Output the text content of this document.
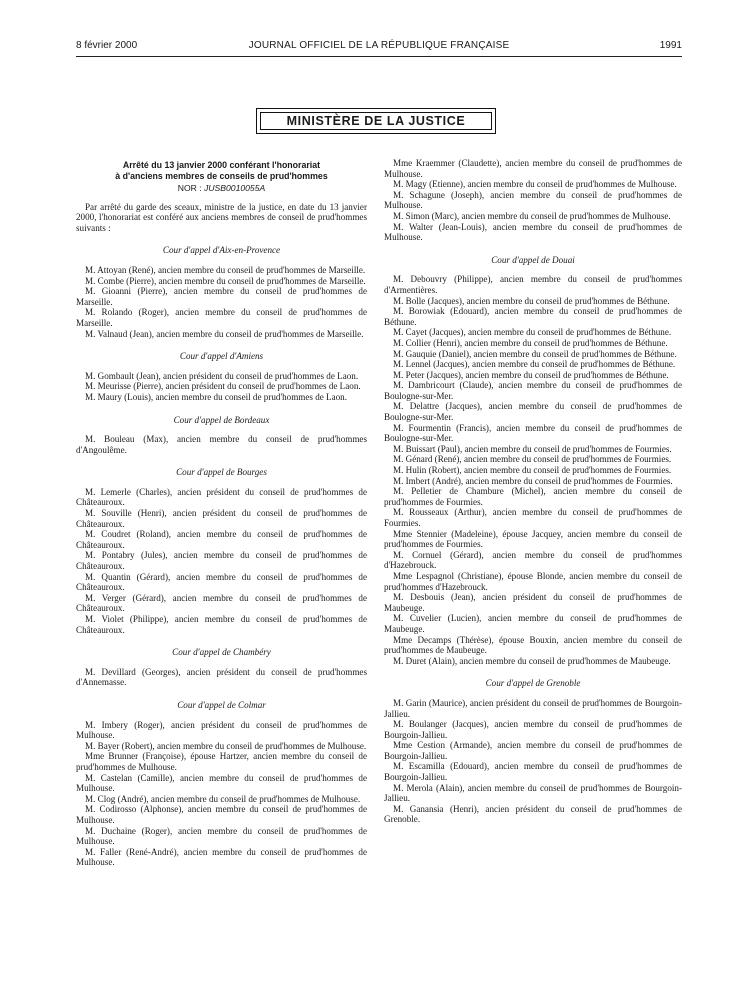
8 février 2000	JOURNAL OFFICIEL DE LA RÉPUBLIQUE FRANÇAISE	1991
MINISTÈRE DE LA JUSTICE
Arrêté du 13 janvier 2000 conférant l'honorariat
à d'anciens membres de conseils de prud'hommes
NOR : JUSB0010055A

Par arrêté du garde des sceaux, ministre de la justice, en date du 13 janvier 2000, l'honorariat est conféré aux anciens membres de conseil de prud'hommes suivants :

Cour d'appel d'Aix-en-Provence

M. Attoyan (René), ancien membre du conseil de prud'hommes de Marseille.

M. Combe (Pierre), ancien membre du conseil de prud'hommes de Marseille.

M. Gioanni (Pierre), ancien membre du conseil de prud'hommes de Marseille.

M. Rolando (Roger), ancien membre du conseil de prud'hommes de Marseille.

M. Valnaud (Jean), ancien membre du conseil de prud'hommes de Marseille.

Cour d'appel d'Amiens

M. Gombault (Jean), ancien président du conseil de prud'hommes de Laon.

M. Meurisse (Pierre), ancien président du conseil de prud'hommes de Laon.

M. Maury (Louis), ancien membre du conseil de prud'hommes de Laon.

Cour d'appel de Bordeaux

M. Bouleau (Max), ancien membre du conseil de prud'hommes d'Angoulême.

Cour d'appel de Bourges

M. Lemerle (Charles), ancien président du conseil de prud'hommes de Châteauroux.

M. Souville (Henri), ancien président du conseil de prud'hommes de Châteauroux.

M. Coudret (Roland), ancien membre du conseil de prud'hommes de Châteauroux.

M. Pontabry (Jules), ancien membre du conseil de prud'hommes de Châteauroux.

M. Quantin (Gérard), ancien membre du conseil de prud'hommes de Châteauroux.

M. Verger (Gérard), ancien membre du conseil de prud'hommes de Châteauroux.

M. Violet (Philippe), ancien membre du conseil de prud'hommes de Châteauroux.

Cour d'appel de Chambéry

M. Devillard (Georges), ancien président du conseil de prud'hommes d'Annemasse.

Cour d'appel de Colmar

M. Imbery (Roger), ancien président du conseil de prud'hommes de Mulhouse.

M. Bayer (Robert), ancien membre du conseil de prud'hommes de Mulhouse.

Mme Brunner (Françoise), épouse Hartzer, ancien membre du conseil de prud'hommes de Mulhouse.

M. Castelan (Camille), ancien membre du conseil de prud'hommes de Mulhouse.

M. Clog (André), ancien membre du conseil de prud'hommes de Mulhouse.

M. Codirosso (Alphonse), ancien membre du conseil de prud'hommes de Mulhouse.

M. Duchaine (Roger), ancien membre du conseil de prud'hommes de Mulhouse.

M. Faller (René-André), ancien membre du conseil de prud'hommes de Mulhouse.

Mme Kraemmer (Claudette), ancien membre du conseil de prud'hommes de Mulhouse.

M. Magy (Etienne), ancien membre du conseil de prud'hommes de Mulhouse.

M. Schagune (Joseph), ancien membre du conseil de prud'hommes de Mulhouse.

M. Simon (Marc), ancien membre du conseil de prud'hommes de Mulhouse.

M. Walter (Jean-Louis), ancien membre du conseil de prud'hommes de Mulhouse.

Cour d'appel de Douai

M. Debouvry (Philippe), ancien membre du conseil de prud'hommes d'Armentières.

M. Bolle (Jacques), ancien membre du conseil de prud'hommes de Béthune.

M. Borowiak (Edouard), ancien membre du conseil de prud'hommes de Béthune.

M. Cayet (Jacques), ancien membre du conseil de prud'hommes de Béthune.

M. Collier (Henri), ancien membre du conseil de prud'hommes de Béthune.

M. Gauquie (Daniel), ancien membre du conseil de prud'hommes de Béthune.

M. Lennel (Jacques), ancien membre du conseil de prud'hommes de Béthune.

M. Peter (Jacques), ancien membre du conseil de prud'hommes de Béthune.

M. Dambricourt (Claude), ancien membre du conseil de prud'hommes de Boulogne-sur-Mer.

M. Delattre (Jacques), ancien membre du conseil de prud'hommes de Boulogne-sur-Mer.

M. Fourmentin (Francis), ancien membre du conseil de prud'hommes de Boulogne-sur-Mer.

M. Buissart (Paul), ancien membre du conseil de prud'hommes de Fourmies.

M. Génard (René), ancien membre du conseil de prud'hommes de Fourmies.

M. Hulin (Robert), ancien membre du conseil de prud'hommes de Fourmies.

M. Imbert (André), ancien membre du conseil de prud'hommes de Fourmies.

M. Pelletier de Chambure (Michel), ancien membre du conseil de prud'hommes de Fourmies.

M. Rousseaux (Arthur), ancien membre du conseil de prud'hommes de Fourmies.

Mme Stennier (Madeleine), épouse Jacquey, ancien membre du conseil de prud'hommes de Fourmies.

M. Cornuel (Gérard), ancien membre du conseil de prud'hommes d'Hazebrouck.

Mme Lespagnol (Christiane), épouse Blonde, ancien membre du conseil de prud'hommes d'Hazebrouck.

M. Desbouis (Jean), ancien président du conseil de prud'hommes de Maubeuge.

M. Cuvelier (Lucien), ancien membre du conseil de prud'hommes de Maubeuge.

Mme Decamps (Thérèse), épouse Bouxin, ancien membre du conseil de prud'hommes de Maubeuge.

M. Duret (Alain), ancien membre du conseil de prud'hommes de Maubeuge.

Cour d'appel de Grenoble

M. Garin (Maurice), ancien président du conseil de prud'hommes de Bourgoin-Jallieu.

M. Boulanger (Jacques), ancien membre du conseil de prud'hommes de Bourgoin-Jallieu.

Mme Cestion (Armande), ancien membre du conseil de prud'hommes de Bourgoin-Jallieu.

M. Escamilla (Edouard), ancien membre du conseil de prud'hommes de Bourgoin-Jallieu.

M. Merola (Alain), ancien membre du conseil de prud'hommes de Bourgoin-Jallieu.

M. Ganansia (Henri), ancien président du conseil de prud'hommes de Grenoble.
